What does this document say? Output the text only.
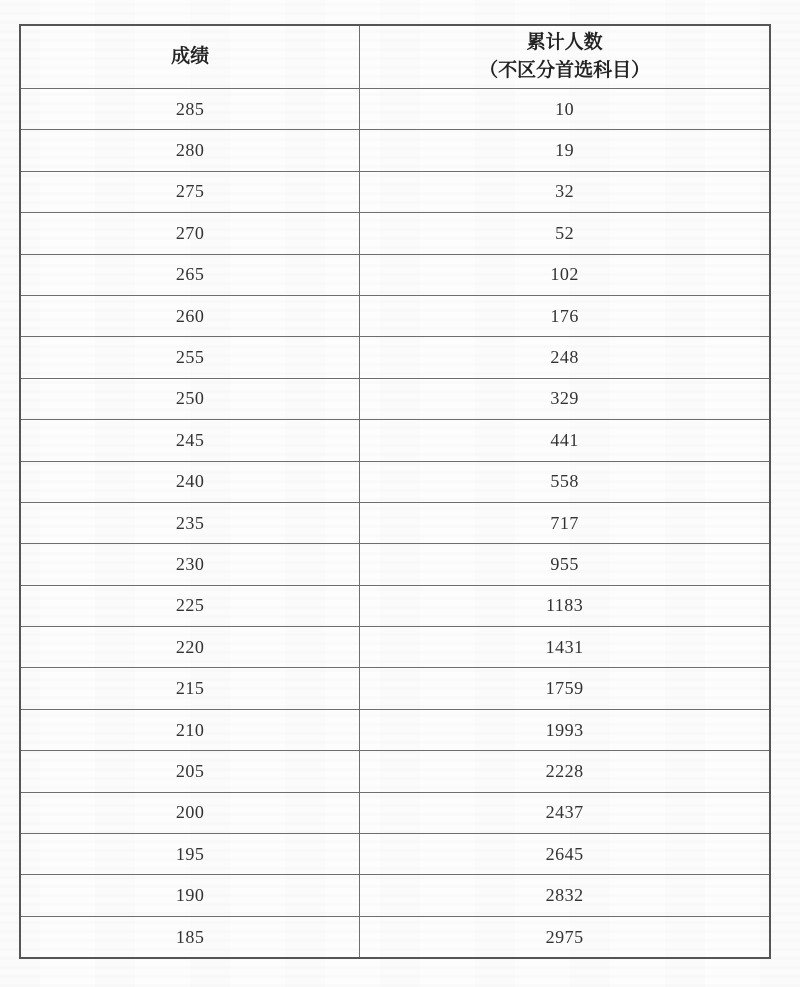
成绩	累计人数
（不区分首选科目）

285	10
280	19
275	32
270	52
265	102
260	176
255	248
250	329
245	441
240	558
235	717
230	955
225	1183
220	1431
215	1759
210	1993
205	2228
200	2437
195	2645
190	2832
185	2975
